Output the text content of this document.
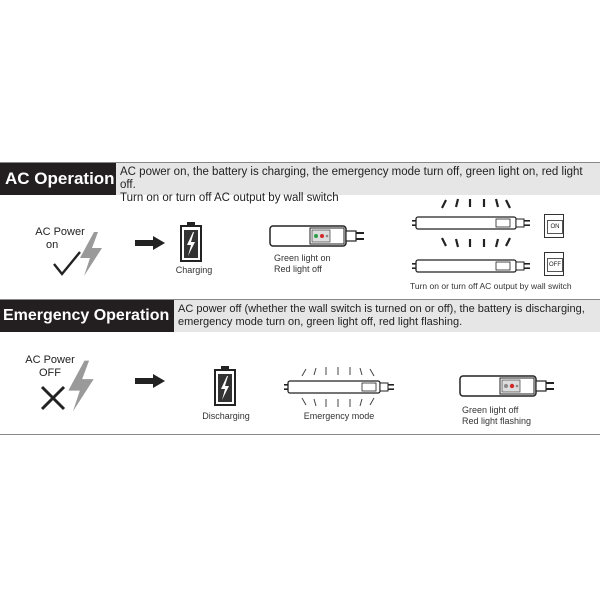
AC Operation AC power on, the battery is charging, the emergency mode turn off, green light on, red light off.
Turn on or turn off AC output by wall switch
AC Power
on
Charging
Green light on
Red light off
ON
OFF
Turn on or turn off AC output by wall switch
Emergency Operation AC power off (whether the wall switch is turned on or off), the battery is discharging,
emergency mode turn on, green light off, red light flashing.
AC Power
OFF
Discharging	Emergency mode
Green light off
Red light flashing
